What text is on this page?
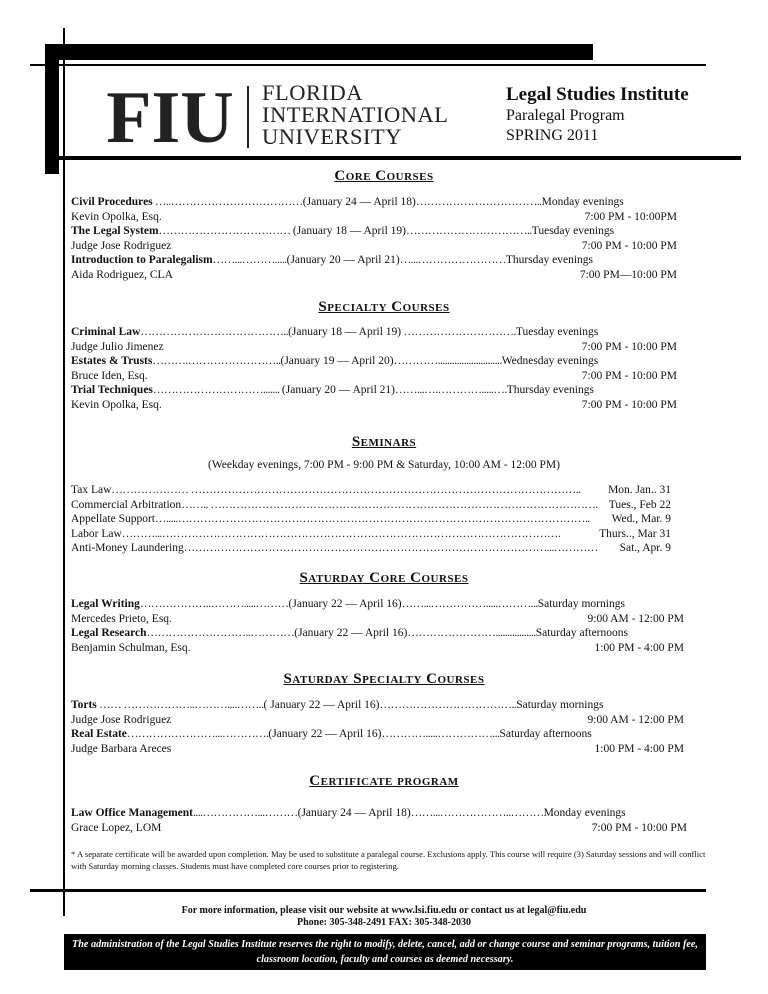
FIU FLORIDA
INTERNATIONAL
UNIVERSITY
Legal Studies Institute
Paralegal Program
SPRING 2011
Core Courses
Specialty Courses
Seminars
(Weekday evenings, 7:00 PM - 9:00 PM & Saturday, 10:00 AM - 12:00 PM)
Saturday Core Courses
Saturday Specialty Courses
Certificate program
Civil Procedures …..………………………………(January 24 — April 18)……………………………..Monday evenings
Kevin Opolka, Esq.	7:00 PM - 10:00PM
The Legal System……………………………… (January 18 — April 19)……………………………..Tuesday evenings
Judge Jose Rodriguez	7:00 PM - 10:00 PM
Introduction to Paralegalism……...……….....(January 20 — April 21)…...……………………Thursday evenings
Aida Rodriguez, CLA	7:00 PM—10:00 PM
Criminal Law…………………………………..(January 18 — April 19) ………………………….Tuesday evenings
Judge Julio Jimenez	7:00 PM - 10:00 PM
Estates & Trusts……….……………………..(January 19 — April 20)…………...........................Wednesday evenings
Bruce Iden, Esq.	7:00 PM - 10:00 PM
Trial Techniques…………………………....... (January 20 — April 21)……...….………….....….Thursday evenings
Kevin Opolka, Esq.	7:00 PM - 10:00 PM
Legal Writing………………..……….....………(January 22 — April 16)……...…………….....………...Saturday mornings
Mercedes Prieto, Esq.	9:00 AM - 12:00 PM
Legal Research………………………..…………(January 22 — April 16)…………………….................Saturday afternoons
Benjamin Schulman, Esq.	1:00 PM - 4:00 PM
Torts …… ………………..………....……..( January 22 — April 16)………………………………..Saturday mornings
Judge Jose Rodriguez	9:00 AM - 12:00 PM
Real Estate……………………...………….(January 22 — April 16)………….....……………...Saturday afternoons
Judge Barbara Areces	1:00 PM - 4:00 PM
Law Office Management....……………...………(January 24 — April 18)……...………………..………Monday evenings
Grace Lopez, LOM	7:00 PM - 10:00 PM
Tax Law………………… …………………………………………………………………………………………….. Mon. Jan.. 31
Commercial Arbitration…….. ……………………………………………………………………………………………. Tues., Feb 22
Appellate Support….....………………………………………………………………………………………………….. Wed., Mar. 9
Labor Law………...……………………………………………………………………………………………….	Thurs.., Mar 31
Anti-Money Laundering………………………………………………………………………………………...………… Sat., Apr. 9
* A separate certificate will be awarded upon completion. May be used to substitute a paralegal course. Exclusions apply. This course will require (3) Saturday sessions and will conflict with Saturday morning classes. Students must have completed core courses prior to registering.
For more information, please visit our website at www.lsi.fiu.edu or contact us at legal@fiu.edu
Phone: 305-348-2491 FAX: 305-348-2030
The administration of the Legal Studies Institute reserves the right to modify, delete, cancel, add or change course and seminar programs, tuition fee, classroom location, faculty and courses as deemed necessary.
